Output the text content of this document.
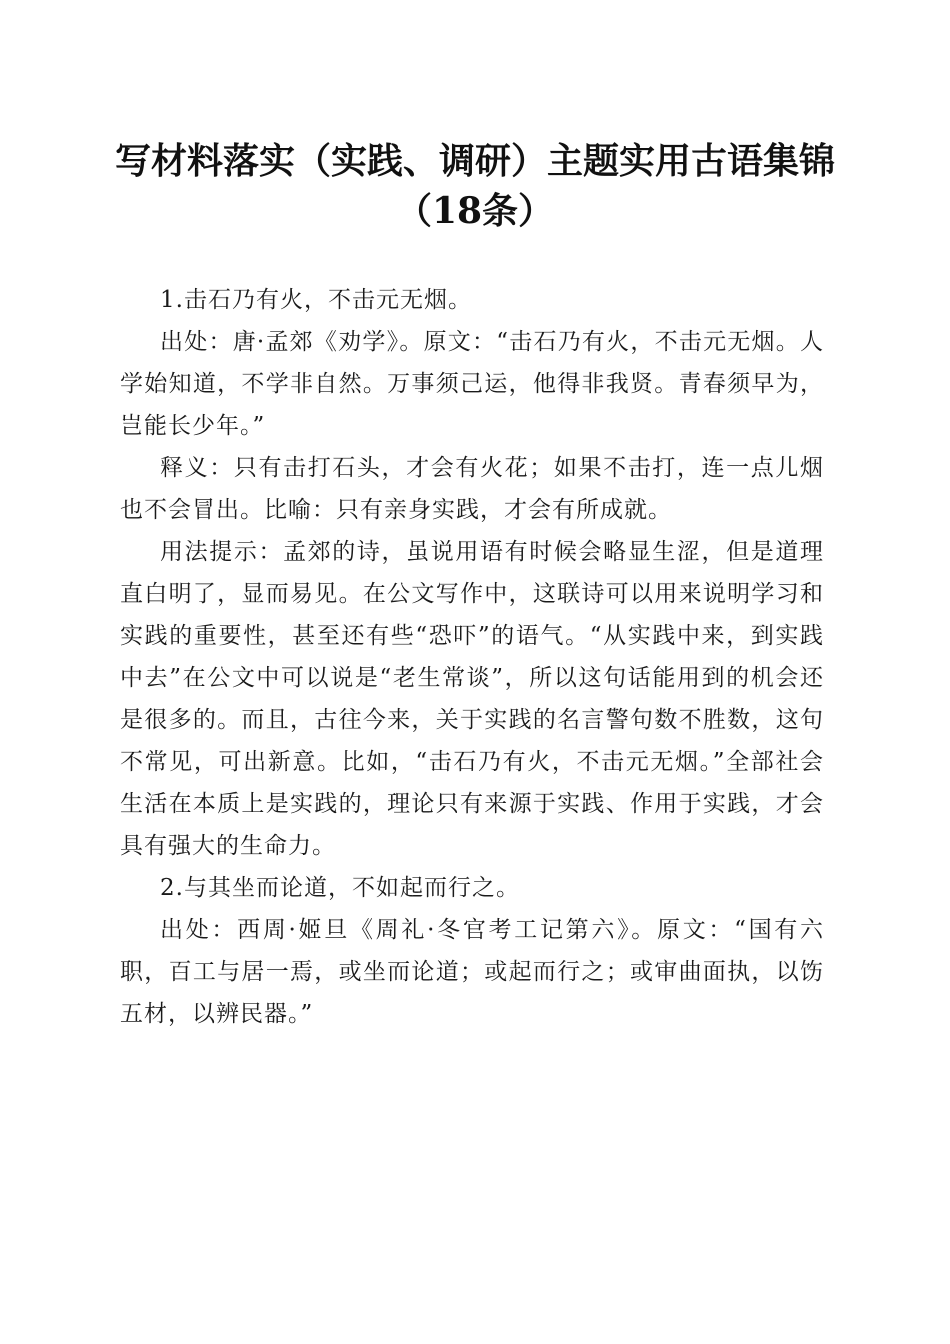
写材料落实（实践、调研）主题实用古语集锦
（18条）

1.击石乃有火，不击元无烟。

出处：唐·孟郊《劝学》。原文：“击石乃有火，不击元无烟。人学始知道，不学非自然。万事须己运，他得非我贤。青春须早为，岂能长少年。”

释义：只有击打石头，才会有火花；如果不击打，连一点儿烟也不会冒出。比喻：只有亲身实践，才会有所成就。

用法提示：孟郊的诗，虽说用语有时候会略显生涩，但是道理直白明了，显而易见。在公文写作中，这联诗可以用来说明学习和实践的重要性，甚至还有些“恐吓”的语气。“从实践中来，到实践中去”在公文中可以说是“老生常谈”，所以这句话能用到的机会还是很多的。而且，古往今来，关于实践的名言警句数不胜数，这句不常见，可出新意。比如，“击石乃有火，不击元无烟。”全部社会生活在本质上是实践的，理论只有来源于实践、作用于实践，才会具有强大的生命力。

2.与其坐而论道，不如起而行之。

出处：西周·姬旦《周礼·冬官考工记第六》。原文：“国有六职，百工与居一焉，或坐而论道；或起而行之；或审曲面执，以饬五材，以辨民器。”
